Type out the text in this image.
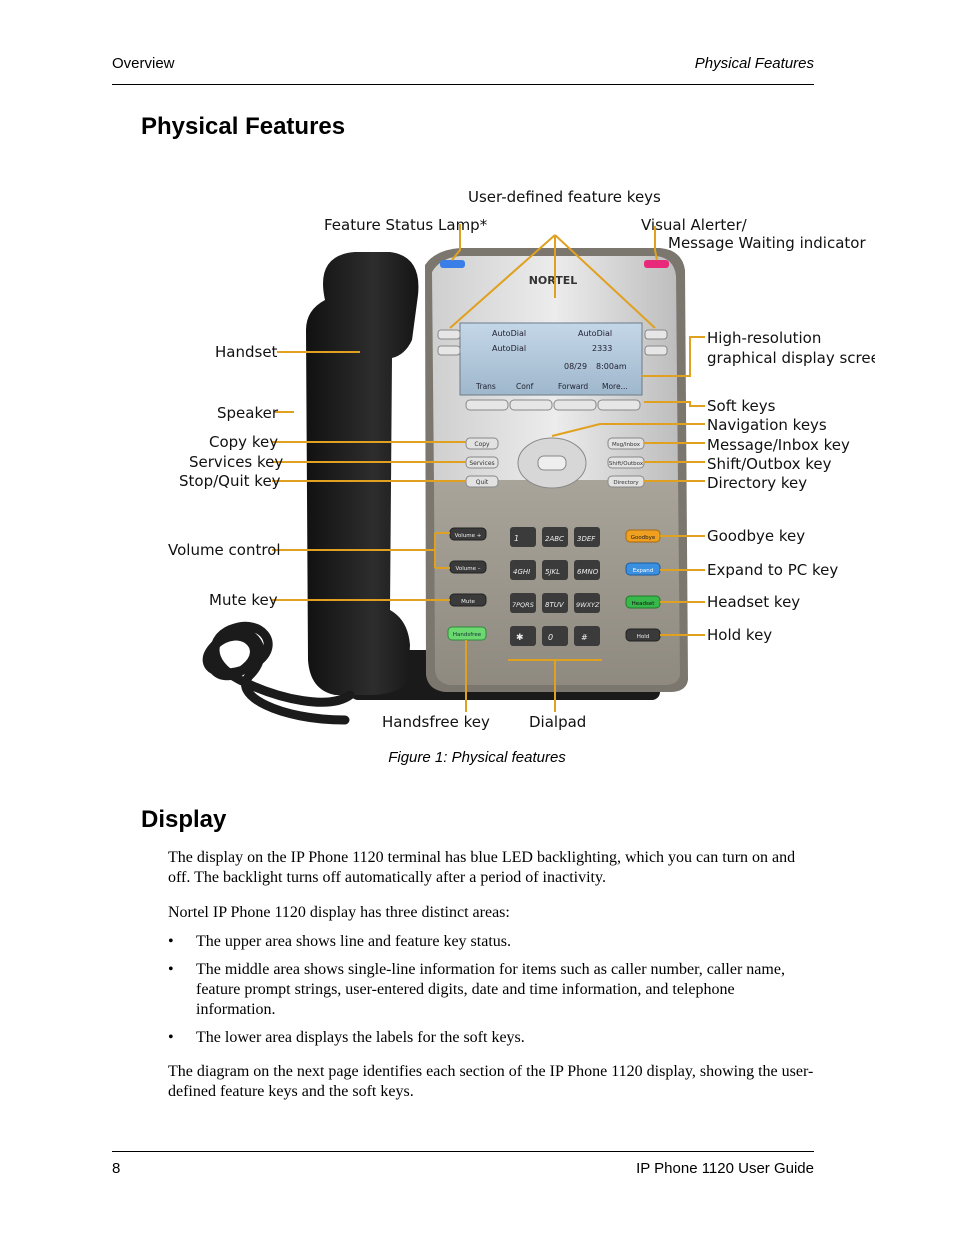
Overview	Physical Features
Physical Features
NORTEL
AutoDial	AutoDial
AutoDial	2333
08/29 8:00am
Trans	Conf	Forward More...
Copy
Services
Quit
Msg/Inbox
Shift/Outbox
Directory
Volume +
Volume –
Mute
Handsfree
1	2ABC 3DEF
4GHI 5JKL 6MNO
7PQRS 8TUV 9WXYZ
✱	0	#
Goodbye
Expand
Headset
Hold
User-defined feature keys
Feature Status Lamp*	Visual Alerter/
Message Waiting indicator
Handset
High-resolution
graphical display screen
Speaker	Soft keys
Navigation keys
Copy key	Message/Inbox key
Services key	Shift/Outbox key
Stop/Quit key	Directory key
Goodbye key
Volume control
Expand to PC key
Mute key	Headset key
Hold key
Handsfree key	Dialpad
Figure 1: Physical features
Display

The display on the IP Phone 1120 terminal has blue LED backlighting, which you can turn on and off. The backlight turns off automatically after a period of inactivity.

Nortel IP Phone 1120 display has three distinct areas:

• The upper area shows line and feature key status.
• The middle area shows single-line information for items such as caller number, caller name, feature prompt strings, user-entered digits, date and time information, and telephone information.
• The lower area displays the labels for the soft keys.

The diagram on the next page identifies each section of the IP Phone 1120 display, showing the user-defined feature keys and the soft keys.

8	IP Phone 1120 User Guide
